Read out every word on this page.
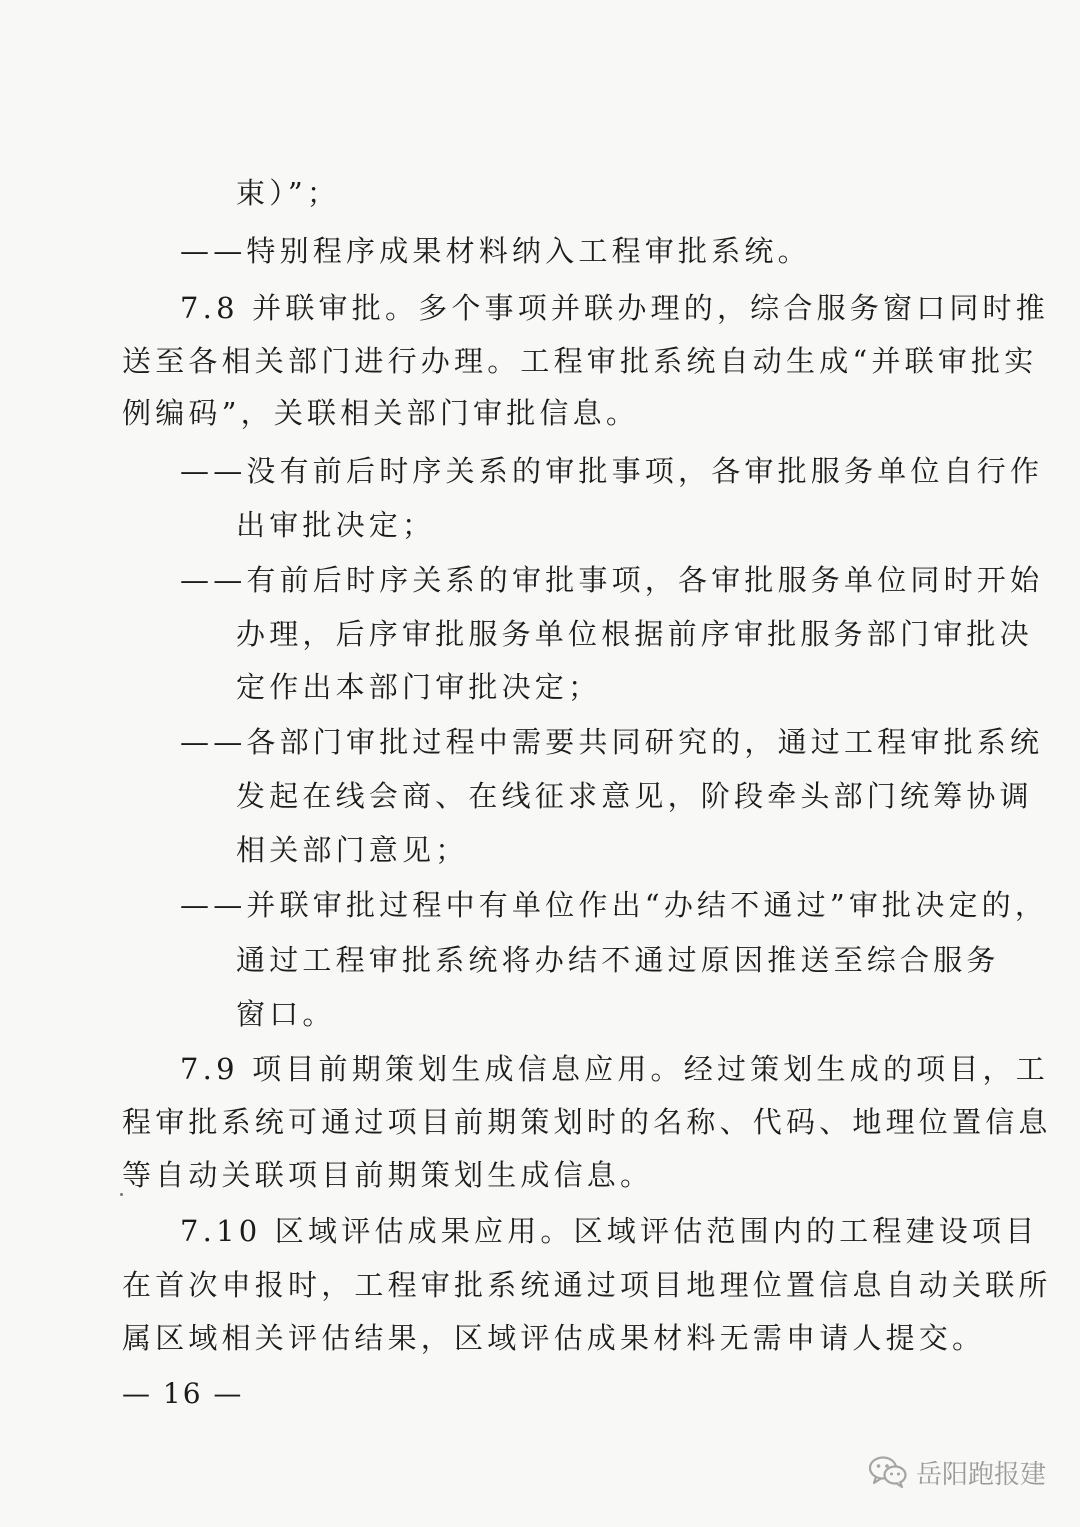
束）”；
——特别程序成果材料纳入工程审批系统。
7.8 并联审批。多个事项并联办理的，综合服务窗口同时推
送至各相关部门进行办理。工程审批系统自动生成“并联审批实
例编码”，关联相关部门审批信息。
——没有前后时序关系的审批事项，各审批服务单位自行作
出审批决定；
——有前后时序关系的审批事项，各审批服务单位同时开始
办理，后序审批服务单位根据前序审批服务部门审批决
定作出本部门审批决定；
——各部门审批过程中需要共同研究的，通过工程审批系统
发起在线会商、在线征求意见，阶段牵头部门统筹协调
相关部门意见；
——并联审批过程中有单位作出“办结不通过”审批决定的，
通过工程审批系统将办结不通过原因推送至综合服务
窗口。
7.9 项目前期策划生成信息应用。经过策划生成的项目，工
程审批系统可通过项目前期策划时的名称、代码、地理位置信息
等自动关联项目前期策划生成信息。
7.10 区域评估成果应用。区域评估范围内的工程建设项目
在首次申报时，工程审批系统通过项目地理位置信息自动关联所
属区域相关评估结果，区域评估成果材料无需申请人提交。
— 16 —
岳阳跑报建
